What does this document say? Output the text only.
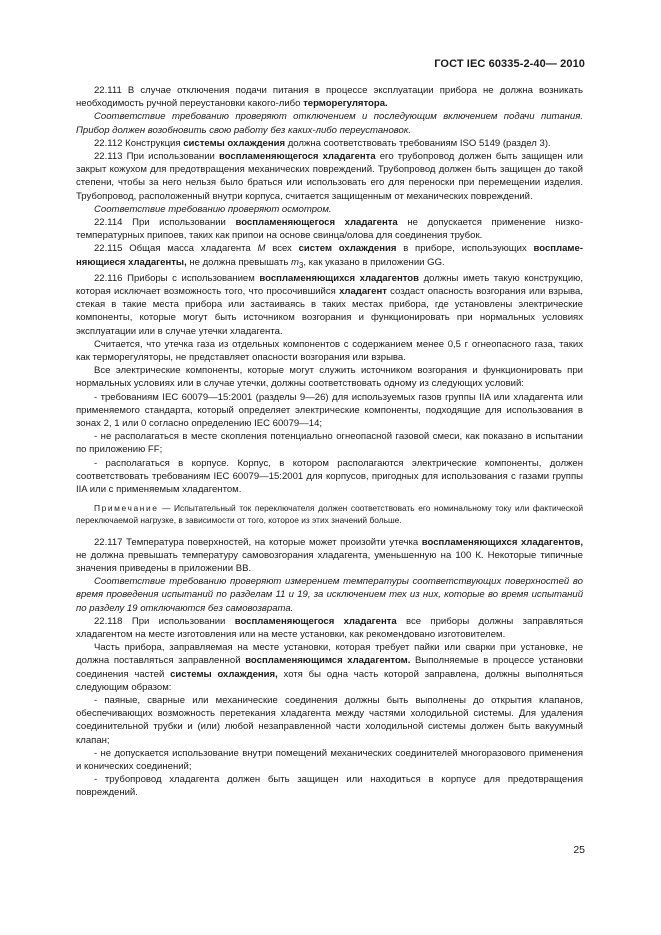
ГОСТ IEC 60335-2-40— 2010

22.111 В случае отключения подачи питания в процессе эксплуатации прибора не должна возникать необходимость ручной переустановки какого-либо терморегулятора.

Соответствие требованию проверяют отключением и последующим включением подачи питания. Прибор должен возобновить свою работу без каких-либо переустановок.

22.112 Конструкция системы охлаждения должна соответствовать требованиям ISO 5149 (раздел 3).

22.113 При использовании воспламеняющегося хладагента его трубопровод должен быть защищен или закрыт кожухом для предотвращения механических повреждений. Трубопровод должен быть защищен до такой степени, чтобы за него нельзя было браться или использовать его для переноски при перемещении изделия. Трубопровод, расположенный внутри корпуса, считается защищенным от механических повреждений.

Соответствие требованию проверяют осмотром.

22.114 При использовании воспламеняющегося хладагента не допускается применение низкотемпературных припоев, таких как припои на основе свинца/олова для соединения трубок.

22.115 Общая масса хладагента M всех систем охлаждения в приборе, использующих воспламеняющиеся хладагенты, не должна превышать $m_3$, как указано в приложении GG.

22.116 Приборы с использованием воспламеняющихся хладагентов должны иметь такую конструкцию, которая исключает возможность того, что просочившийся хладагент создаст опасность возгорания или взрыва, стекая в такие места прибора или застаиваясь в таких местах прибора, где установлены электрические компоненты, которые могут быть источником возгорания и функционировать при нормальных условиях эксплуатации или в случае утечки хладагента.

Считается, что утечка газа из отдельных компонентов с содержанием менее 0,5 г огнеопасного газа, таких как терморегуляторы, не представляет опасности возгорания или взрыва.

Все электрические компоненты, которые могут служить источником возгорания и функционировать при нормальных условиях или в случае утечки, должны соответствовать одному из следующих условий:

- требованиям IEC 60079—15:2001 (разделы 9—26) для используемых газов группы IIA или хладагента или применяемого стандарта, который определяет электрические компоненты, подходящие для использования в зонах 2, 1 или 0 согласно определению IEC 60079—14;

- не располагаться в месте скопления потенциально огнеопасной газовой смеси, как показано в испытании по приложению FF;

- располагаться в корпусе. Корпус, в котором располагаются электрические компоненты, должен соответствовать требованиям IEC 60079—15:2001 для корпусов, пригодных для использования с газами группы IIA или с применяемым хладагентом.

Примечание — Испытательный ток переключателя должен соответствовать его номинальному току или фактической переключаемой нагрузке, в зависимости от того, которое из этих значений больше.

22.117 Температура поверхностей, на которые может произойти утечка воспламеняющихся хладагентов, не должна превышать температуру самовозгорания хладагента, уменьшенную на 100 К. Некоторые типичные значения приведены в приложении ВВ.

Соответствие требованию проверяют измерением температуры соответствующих поверхностей во время проведения испытаний по разделам 11 и 19, за исключением тех из них, которые во время испытаний по разделу 19 отключаются без самовозврата.

22.118 При использовании воспламеняющегося хладагента все приборы должны заправляться хладагентом на месте изготовления или на месте установки, как рекомендовано изготовителем.

Часть прибора, заправляемая на месте установки, которая требует пайки или сварки при установке, не должна поставляться заправленной воспламеняющимся хладагентом. Выполняемые в процессе установки соединения частей системы охлаждения, хотя бы одна часть которой заправлена, должны выполняться следующим образом:

- паяные, сварные или механические соединения должны быть выполнены до открытия клапанов, обеспечивающих возможность перетекания хладагента между частями холодильной системы. Для удаления соединительной трубки и (или) любой незаправленной части холодильной системы должен быть вакуумный клапан;

- не допускается использование внутри помещений механических соединителей многоразового применения и конических соединений;

- трубопровод хладагента должен быть защищен или находиться в корпусе для предотвращения повреждений.

25
